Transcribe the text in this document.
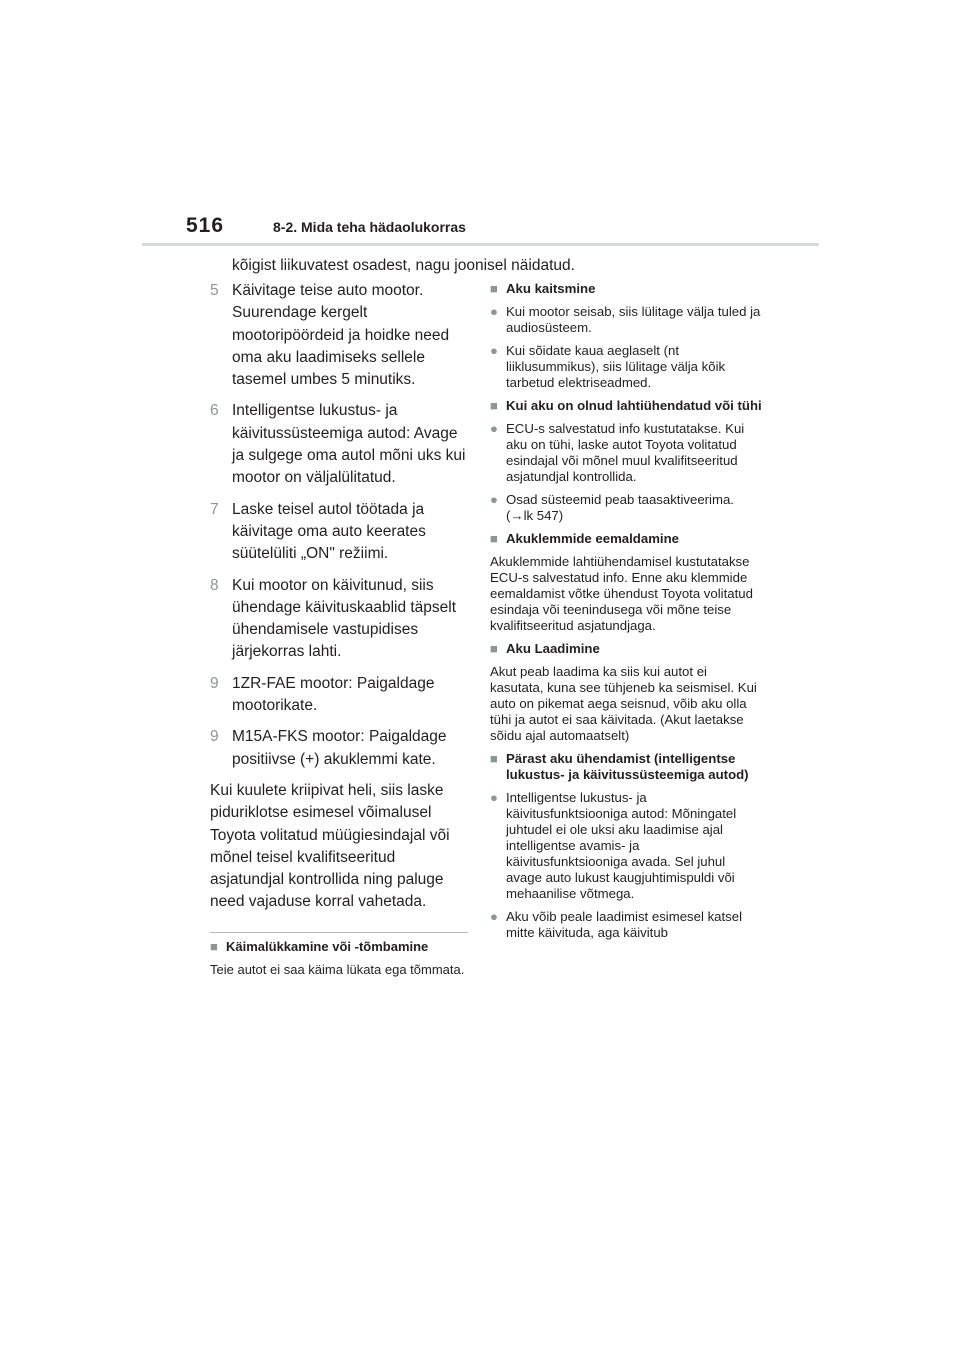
516	8-2. Mida teha hädaolukorras
kõigist liikuvatest osadest, nagu joonisel näidatud.
5 Käivitage teise auto mootor. Suurendage kergelt mootoripöördeid ja hoidke need oma aku laadimiseks sellele tasemel umbes 5 minutiks.
6 Intelligentse lukustus- ja käivitussüsteemiga autod: Avage ja sulgege oma autol mõni uks kui mootor on väljalülitatud.
7 Laske teisel autol töötada ja käivitage oma auto keerates süütelüliti „ON" režiimi.
8 Kui mootor on käivitunud, siis ühendage käivituskaablid täpselt ühendamisele vastupidises järjekorras lahti.
9 1ZR-FAE mootor: Paigaldage mootorikate.
9 M15A-FKS mootor: Paigaldage positiivse (+) akuklemmi kate.
Kui kuulete kriipivat heli, siis laske piduriklotse esimesel võimalusel Toyota volitatud müügiesindajal või mõnel teisel kvalifitseeritud asjatundjal kontrollida ning paluge need vajaduse korral vahetada.
■ Käimalükkamine või -tõmbamine
Teie autot ei saa käima lükata ega tõmmata.
■ Aku kaitsmine
● Kui mootor seisab, siis lülitage välja tuled ja audiosüsteem.
● Kui sõidate kaua aeglaselt (nt liiklusummikus), siis lülitage välja kõik tarbetud elektriseadmed.
■ Kui aku on olnud lahtiühendatud või tühi
● ECU-s salvestatud info kustutatakse. Kui aku on tühi, laske autot Toyota volitatud esindajal või mõnel muul kvalifitseeritud asjatundjal kontrollida.
● Osad süsteemid peab taasaktiveerima. (→lk 547)
■ Akuklemmide eemaldamine
Akuklemmide lahtiühendamisel kustutatakse ECU-s salvestatud info. Enne aku klemmide eemaldamist võtke ühendust Toyota volitatud esindaja või teenindusega või mõne teise kvalifitseeritud asjatundjaga.
■ Aku Laadimine
Akut peab laadima ka siis kui autot ei kasutata, kuna see tühjeneb ka seismisel. Kui auto on pikemat aega seisnud, võib aku olla tühi ja autot ei saa käivitada. (Akut laetakse sõidu ajal automaatselt)
■ Pärast aku ühendamist (intelligentse lukustus- ja käivitussüsteemiga autod)
● Intelligentse lukustus- ja käivitusfunktsiooniga autod: Mõningatel juhtudel ei ole uksi aku laadimise ajal intelligentse avamis- ja käivitusfunktsiooniga avada. Sel juhul avage auto lukust kaugjuhtimispuldi või mehaanilise võtmega.
● Aku võib peale laadimist esimesel katsel mitte käivituda, aga käivitub
